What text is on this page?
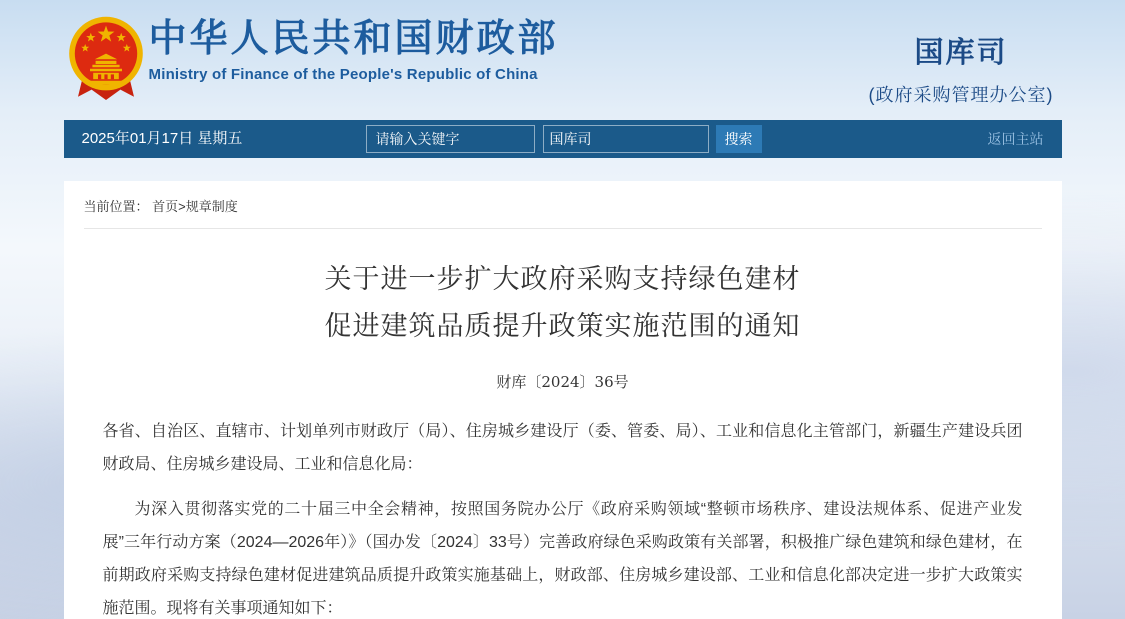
中华人民共和国财政部
Ministry of Finance of the People's Republic of China
国库司
(政府采购管理办公室)
2025年01月17日 星期五
请输入关键字
国库司	搜索	返回主站
当前位置： 首页>规章制度
关于进一步扩大政府采购支持绿色建材
促进建筑品质提升政策实施范围的通知
财库〔2024〕36号

各省、自治区、直辖市、计划单列市财政厅（局）、住房城乡建设厅（委、管委、局）、工业和信息化主管部门，新疆生产建设兵团财政局、住房城乡建设局、工业和信息化局：

为深入贯彻落实党的二十届三中全会精神，按照国务院办公厅《政府采购领域“整顿市场秩序、建设法规体系、促进产业发展”三年行动方案（2024—2026年）》（国办发〔2024〕33号）完善政府绿色采购政策有关部署，积极推广绿色建筑和绿色建材，在前期政府采购支持绿色建材促进建筑品质提升政策实施基础上，财政部、住房城乡建设部、工业和信息化部决定进一步扩大政策实施范围。现将有关事项通知如下：
